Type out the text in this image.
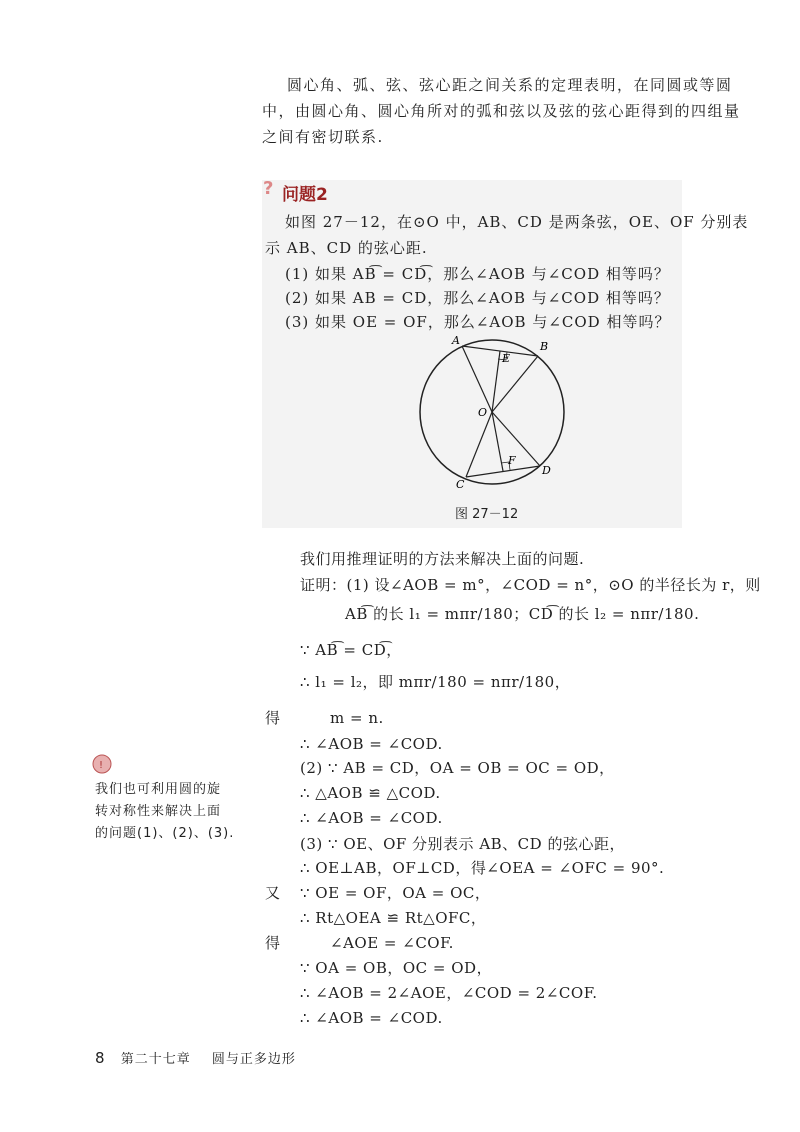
圆心角、弧、弦、弦心距之间关系的定理表明，在同圆或等圆
中，由圆心角、圆心角所对的弧和弦以及弦的弦心距得到的四组量
之间有密切联系.
? 问题2
如图 27－12，在⊙O 中，AB、CD 是两条弦，OE、OF 分别表
示 AB、CD 的弦心距.
(1) 如果 AB͡ = CD͡，那么∠AOB 与∠COD 相等吗？
(2) 如果 AB = CD，那么∠AOB 与∠COD 相等吗？
(3) 如果 OE = OF，那么∠AOB 与∠COD 相等吗？
A	B
C
D
E
F
O
图 27－12
我们用推理证明的方法来解决上面的问题.
证明：(1) 设∠AOB = m°，∠COD = n°，⊙O 的半径长为 r，则
AB͡ 的长 l₁ = mπr/180；CD͡ 的长 l₂ = nπr/180.
∵ AB͡ = CD͡，
∴ l₁ = l₂，即 mπr/180 = nπr/180，
得	m = n.
∴ ∠AOB = ∠COD.
(2) ∵ AB = CD，OA = OB = OC = OD，
∴ △AOB ≌ △COD.
∴ ∠AOB = ∠COD.
(3) ∵ OE、OF 分别表示 AB、CD 的弦心距，
∴ OE⊥AB，OF⊥CD，得∠OEA = ∠OFC = 90°.
又 ∵ OE = OF，OA = OC，
∴ Rt△OEA ≌ Rt△OFC，
得	∠AOE = ∠COF.
∵ OA = OB，OC = OD，
∴ ∠AOB = 2∠AOE，∠COD = 2∠COF.
∴ ∠AOB = ∠COD.
!
我们也可利用圆的旋
转对称性来解决上面
的问题(1)、(2)、(3).
8 第二十七章 圆与正多边形
